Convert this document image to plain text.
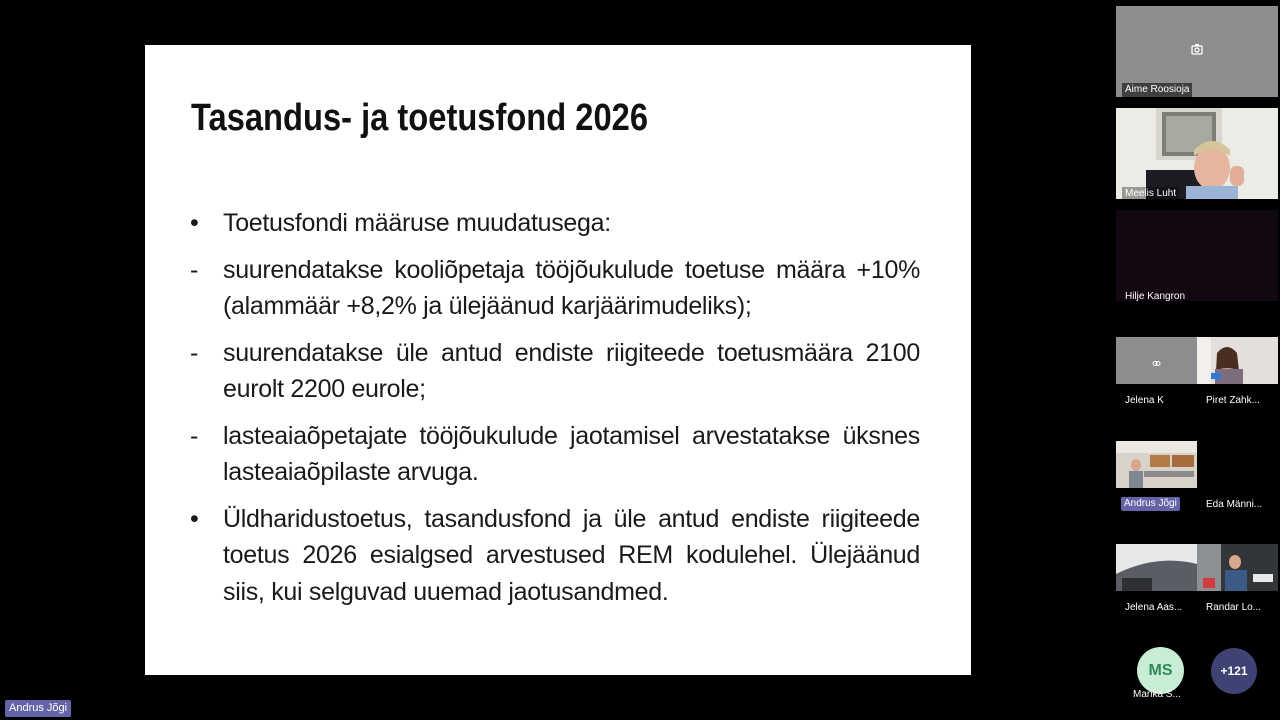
Tasandus- ja toetusfond 2026
• Toetusfondi määruse muudatusega:
- suurendatakse kooliõpetaja tööjõukulude toetuse määra +10% (alammäär +8,2% ja ülejäänud karjäärimudeliks);
- suurendatakse üle antud endiste riigiteede toetusmäära 2100 eurolt 2200 eurole;
- lasteaiaõpetajate tööjõukulude jaotamisel arvestatakse üksnes lasteaiaõpilaste arvuga.
• Üldharidustoetus, tasandusfond ja üle antud endiste riigiteede toetus 2026 esialgsed arvestused REM kodulehel. Ülejäänud siis, kui selguvad uuemad jaotusandmed.
Aime Roosioja
Meelis Luht
Hilje Kangron
Jelena K	Piret Zahk...
Andrus Jõgi	Eda Männi...
Jelena Aas...	Randar Lo...
MS
Marika S...
+121
Andrus Jõgi
